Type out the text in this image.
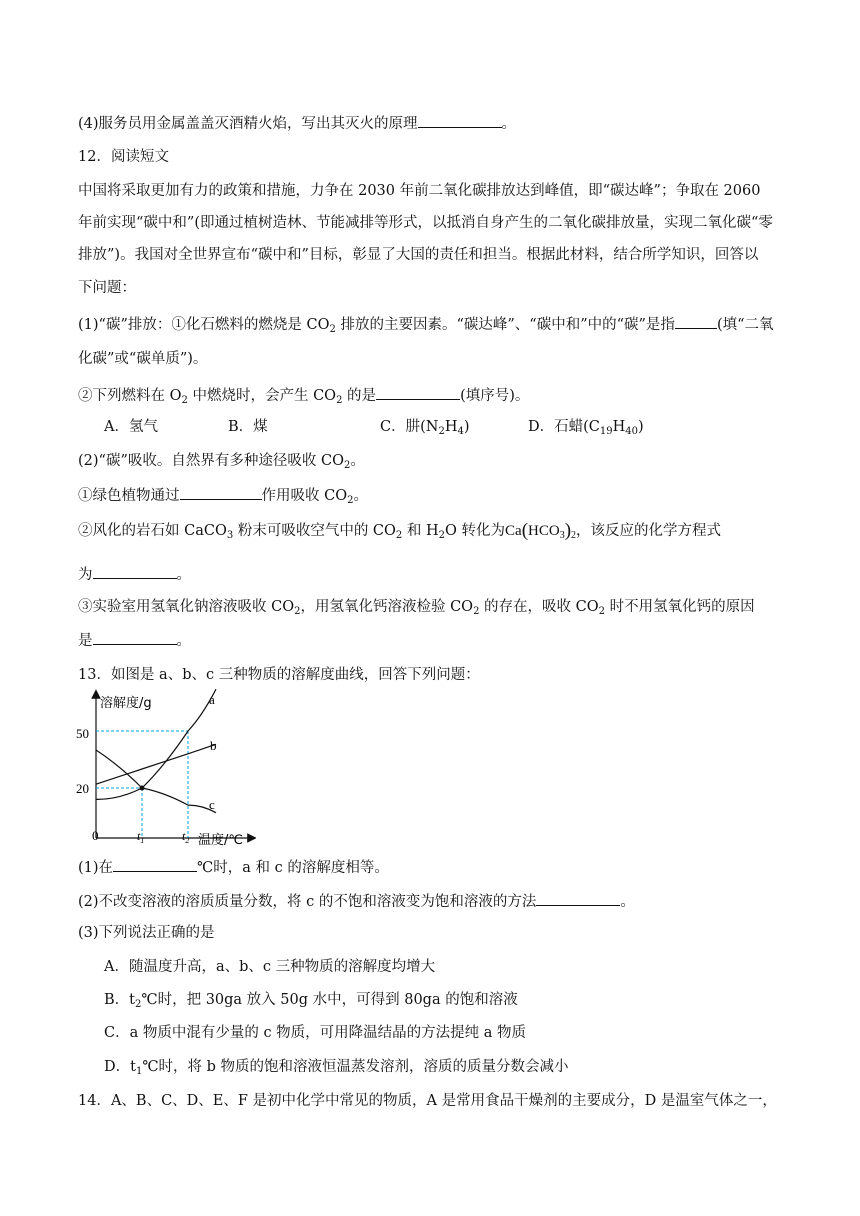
(4)服务员用金属盖盖灭酒精火焰，写出其灭火的原理	。
12．阅读短文
中国将采取更加有力的政策和措施，力争在 2030 年前二氧化碳排放达到峰值，即“碳达峰”；争取在 2060
年前实现“碳中和”(即通过植树造林、节能减排等形式，以抵消自身产生的二氧化碳排放量，实现二氧化碳“零
排放”)。我国对全世界宣布“碳中和”目标，彰显了大国的责任和担当。根据此材料，结合所学知识，回答以
下问题：
(1)“碳”排放：①化石燃料的燃烧是 $CO_2$ 排放的主要因素。“碳达峰”、“碳中和”中的“碳”是指	(填“二氧
化碳”或“碳单质”)。
②下列燃料在 $O_2$ 中燃烧时，会产生 $CO_2$ 的是	(填序号)。
A．氢气	B．煤	C．肼$(N_2H_4)$	D．石蜡$(C_{19}H_{40})$
(2)“碳”吸收。自然界有多种途径吸收 $CO_2$。
①绿色植物通过	作用吸收 $CO_2$。
②风化的岩石如 CaCO$_3$ 粉末可吸收空气中的 $CO_2$ 和 $H_2O$ 转化为$Ca(HCO_3)_2$，该反应的化学方程式
为	。
③实验室用氢氧化钠溶液吸收 $CO_2$，用氢氧化钙溶液检验 $CO_2$ 的存在，吸收 $CO_2$ 时不用氢氧化钙的原因
是	。
13．如图是 a、b、c 三种物质的溶解度曲线，回答下列问题：
溶解度/g
温度/℃
50
20
0	$t_1$	$t_2$
a
b
c
(1)在	℃时，a 和 c 的溶解度相等。
(2)不改变溶液的溶质质量分数，将 c 的不饱和溶液变为饱和溶液的方法	。
(3)下列说法正确的是
A．随温度升高，a、b、c 三种物质的溶解度均增大
B．$t_2℃$时，把 30ga 放入 50g 水中，可得到 80ga 的饱和溶液
C．a 物质中混有少量的 c 物质，可用降温结晶的方法提纯 a 物质
D．$t_1℃$时，将 b 物质的饱和溶液恒温蒸发溶剂，溶质的质量分数会减小
14．A、B、C、D、E、F 是初中化学中常见的物质，A 是常用食品干燥剂的主要成分，D 是温室气体之一，
